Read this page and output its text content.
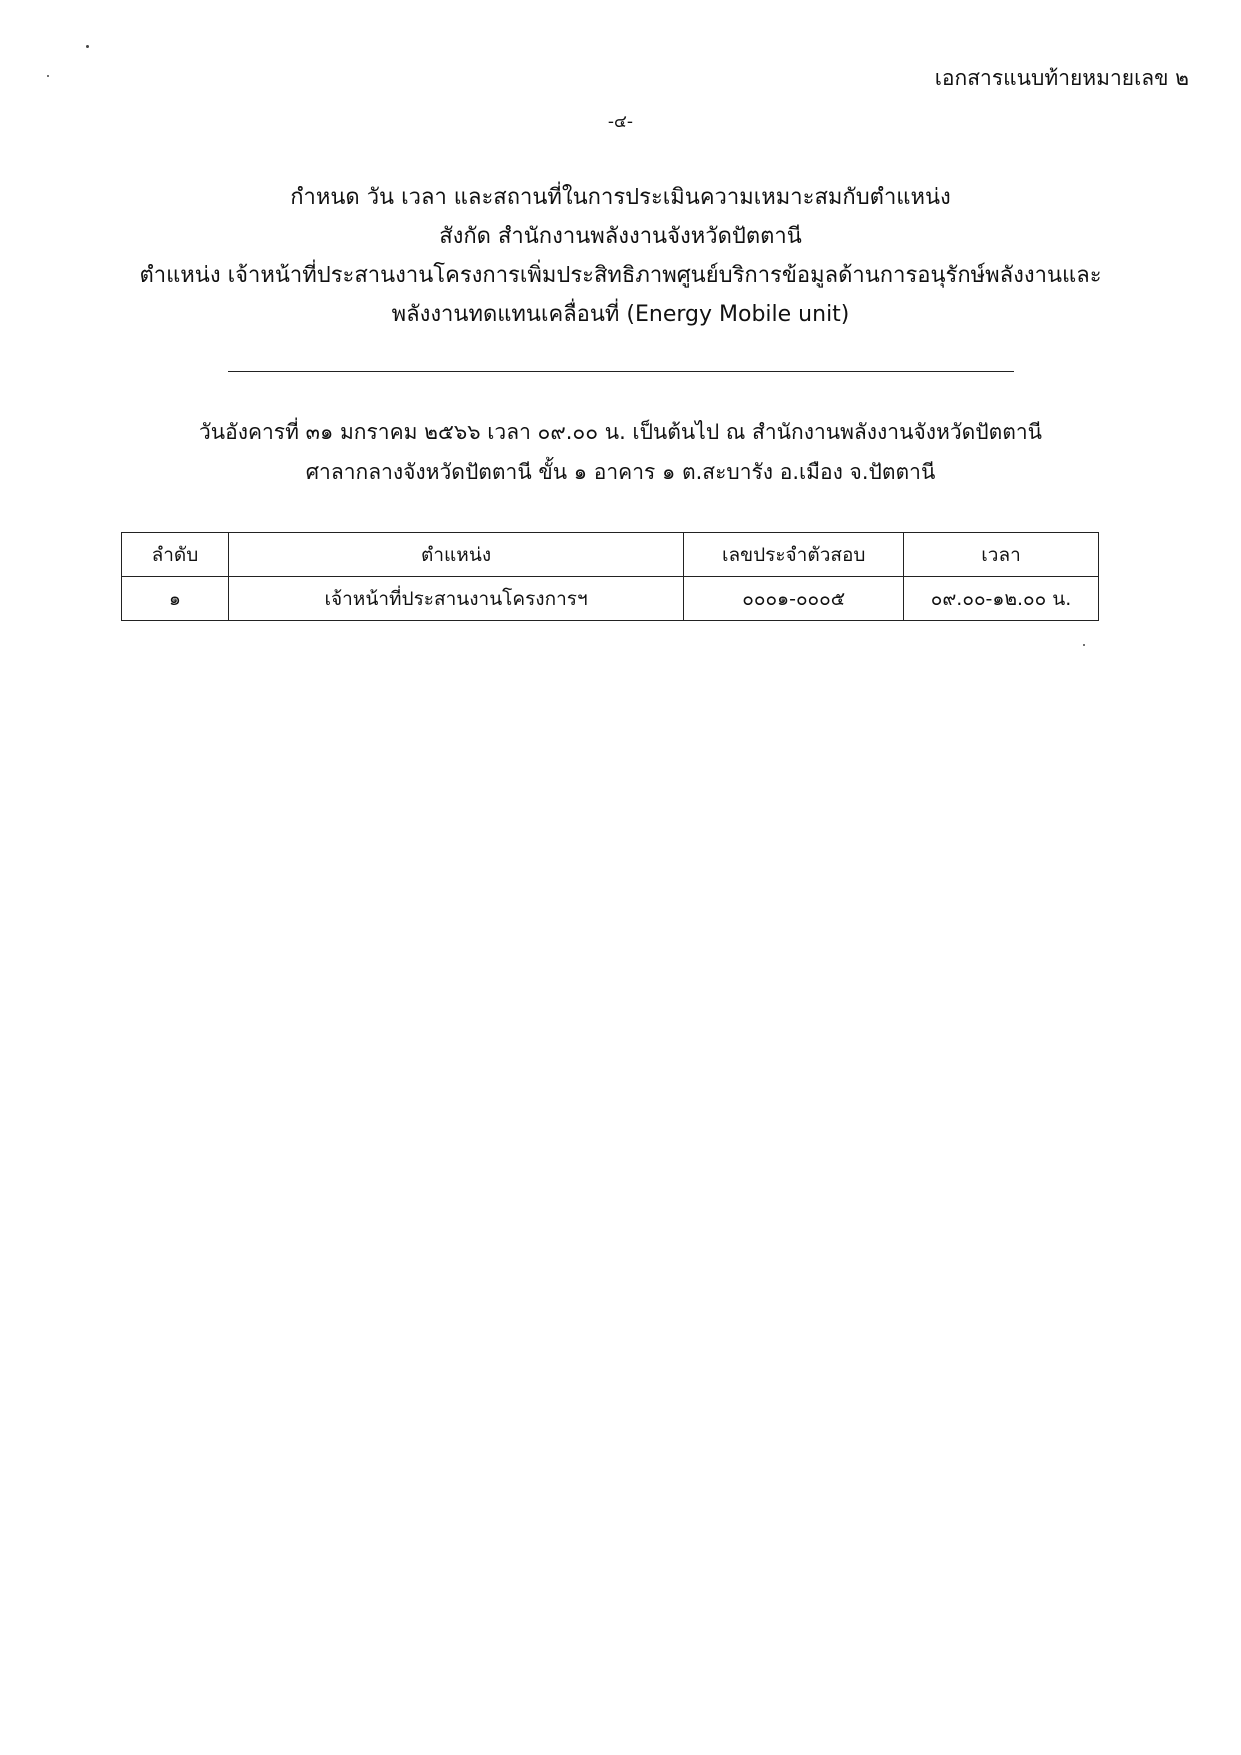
เอกสารแนบท้ายหมายเลข ๒
-๔-
กำหนด วัน เวลา และสถานที่ในการประเมินความเหมาะสมกับตำแหน่ง
สังกัด สำนักงานพลังงานจังหวัดปัตตานี
ตำแหน่ง เจ้าหน้าที่ประสานงานโครงการเพิ่มประสิทธิภาพศูนย์บริการข้อมูลด้านการอนุรักษ์พลังงานและ
พลังงานทดแทนเคลื่อนที่ (Energy Mobile unit)
วันอังคารที่ ๓๑ มกราคม ๒๕๖๖ เวลา ๐๙.๐๐ น. เป็นต้นไป ณ สำนักงานพลังงานจังหวัดปัตตานี
ศาลากลางจังหวัดปัตตานี ขั้น ๑ อาคาร ๑ ต.สะบารัง อ.เมือง จ.ปัตตานี
ลำดับ	ตำแหน่ง	เลขประจำตัวสอบ	เวลา
๑	เจ้าหน้าที่ประสานงานโครงการฯ	๐๐๐๑-๐๐๐๕	๐๙.๐๐-๑๒.๐๐ น.
